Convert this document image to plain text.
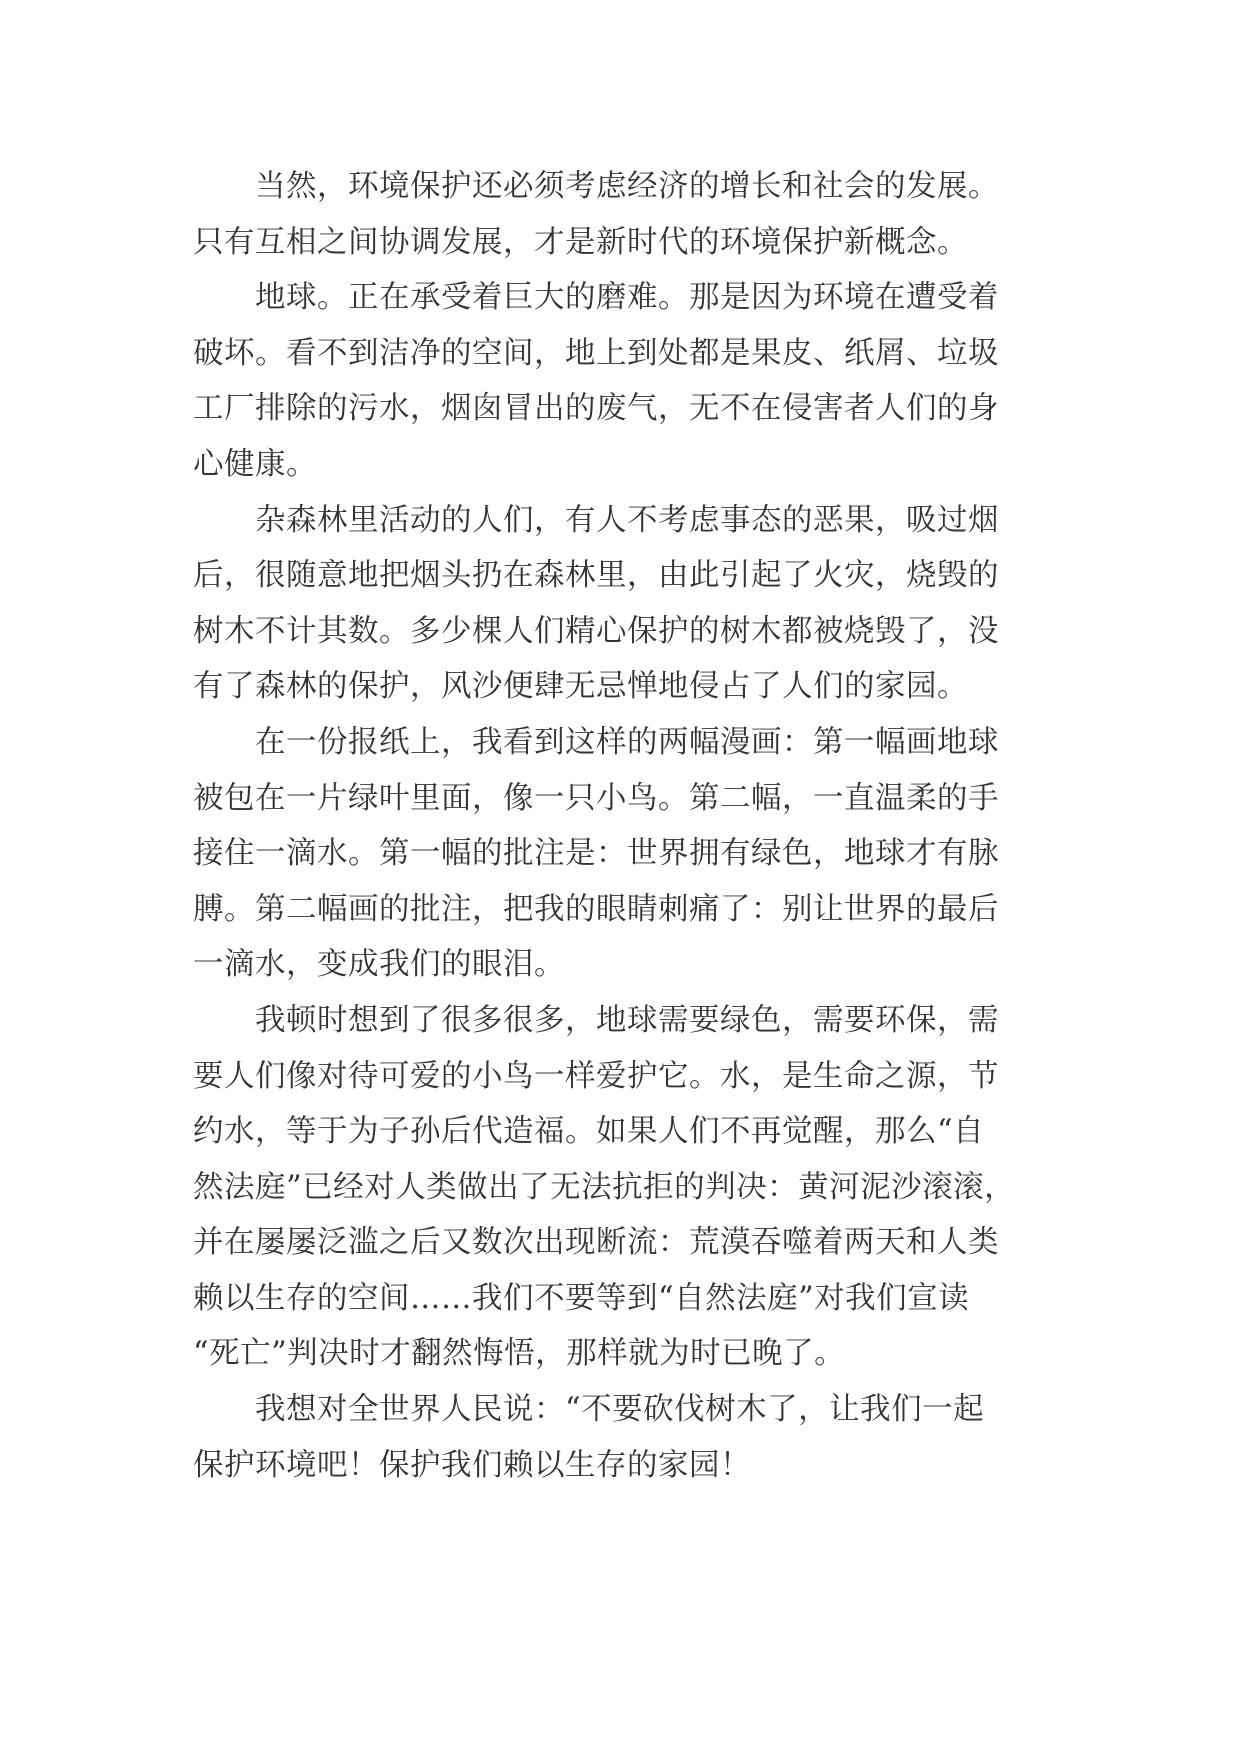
　　当然，环境保护还必须考虑经济的增长和社会的发展。
只有互相之间协调发展，才是新时代的环境保护新概念。
　　地球。正在承受着巨大的磨难。那是因为环境在遭受着
破坏。看不到洁净的空间，地上到处都是果皮、纸屑、垃圾
工厂排除的污水，烟囱冒出的废气，无不在侵害者人们的身
心健康。
　　杂森林里活动的人们，有人不考虑事态的恶果，吸过烟
后，很随意地把烟头扔在森林里，由此引起了火灾，烧毁的
树木不计其数。多少棵人们精心保护的树木都被烧毁了，没
有了森林的保护，风沙便肆无忌惮地侵占了人们的家园。
　　在一份报纸上，我看到这样的两幅漫画：第一幅画地球
被包在一片绿叶里面，像一只小鸟。第二幅，一直温柔的手
接住一滴水。第一幅的批注是：世界拥有绿色，地球才有脉
膊。第二幅画的批注，把我的眼睛刺痛了：别让世界的最后
一滴水，变成我们的眼泪。
　　我顿时想到了很多很多，地球需要绿色，需要环保，需
要人们像对待可爱的小鸟一样爱护它。水，是生命之源，节
约水，等于为子孙后代造福。如果人们不再觉醒，那么“自
然法庭”已经对人类做出了无法抗拒的判决：黄河泥沙滚滚，
并在屡屡泛滥之后又数次出现断流：荒漠吞噬着两天和人类
赖以生存的空间……我们不要等到“自然法庭”对我们宣读
“死亡”判决时才翻然悔悟，那样就为时已晚了。
　　我想对全世界人民说：“不要砍伐树木了，让我们一起
保护环境吧！保护我们赖以生存的家园！
